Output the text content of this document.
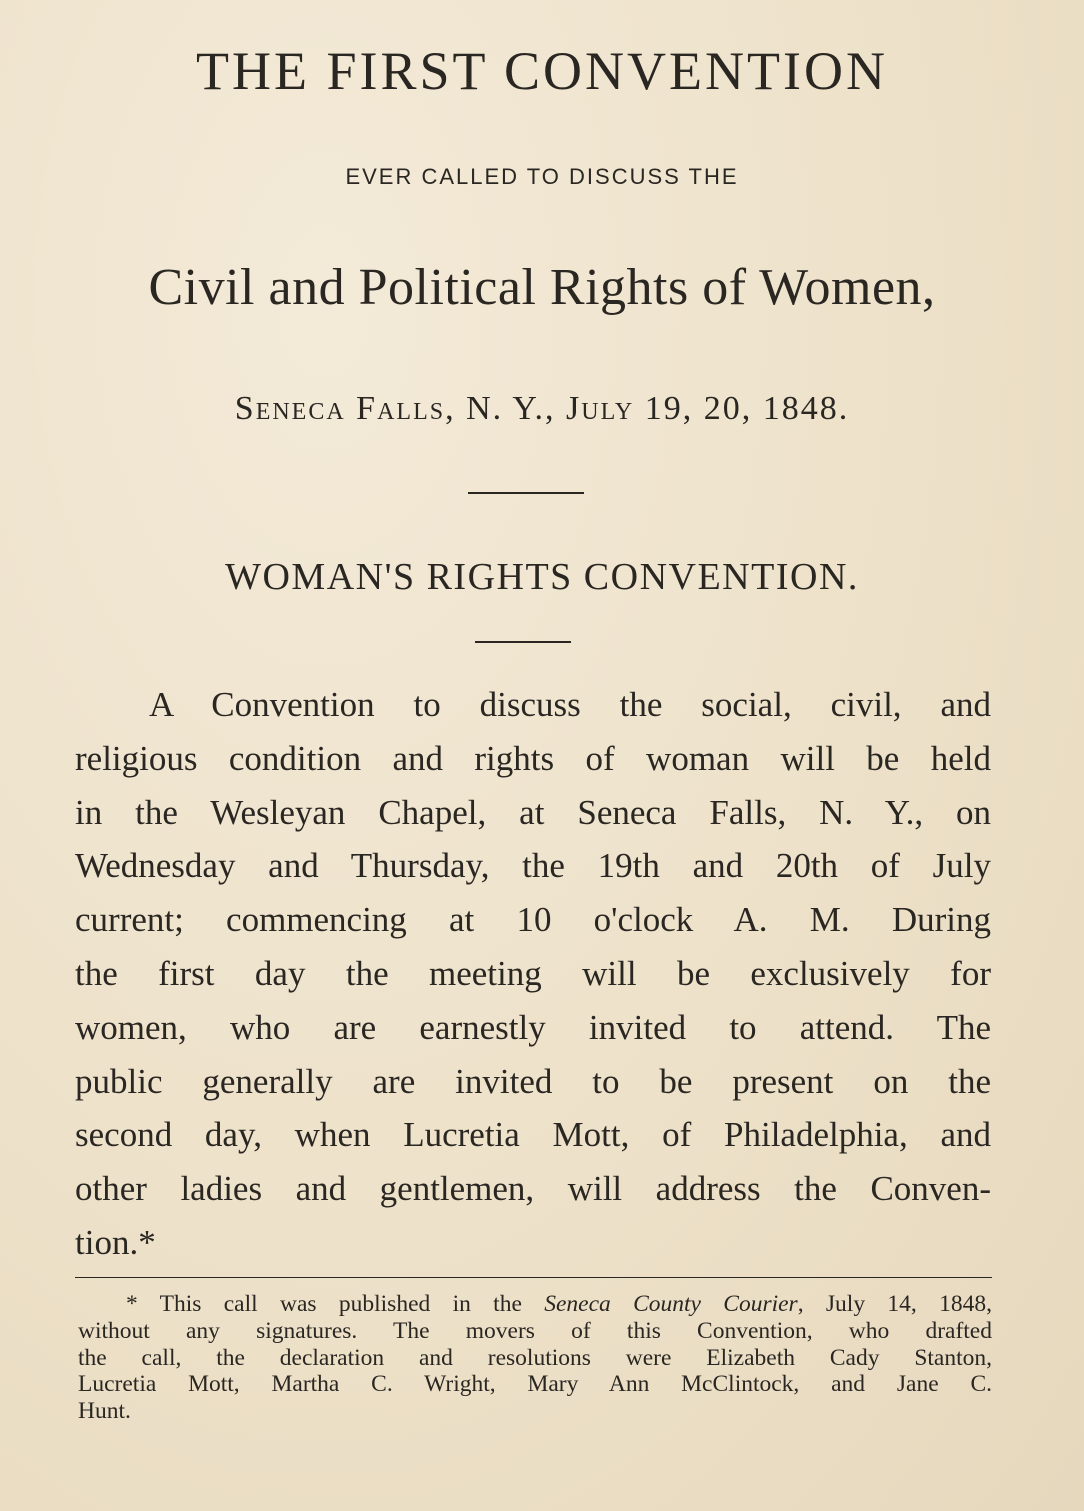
THE FIRST CONVENTION
EVER CALLED TO DISCUSS THE
Civil and Political Rights of Women,
Seneca Falls, N. Y., July 19, 20, 1848.
WOMAN'S RIGHTS CONVENTION.
A Convention to discuss the social, civil, and
religious condition and rights of woman will be held
in the Wesleyan Chapel, at Seneca Falls, N. Y., on
Wednesday and Thursday, the 19th and 20th of July
current; commencing at 10 o'clock A. M. During
the first day the meeting will be exclusively for
women, who are earnestly invited to attend. The
public generally are invited to be present on the
second day, when Lucretia Mott, of Philadelphia, and
other ladies and gentlemen, will address the Conven-
tion.*
* This call was published in the Seneca County Courier, July 14, 1848,
without any signatures. The movers of this Convention, who drafted
the call, the declaration and resolutions were Elizabeth Cady Stanton,
Lucretia Mott, Martha C. Wright, Mary Ann McClintock, and Jane C.
Hunt.
